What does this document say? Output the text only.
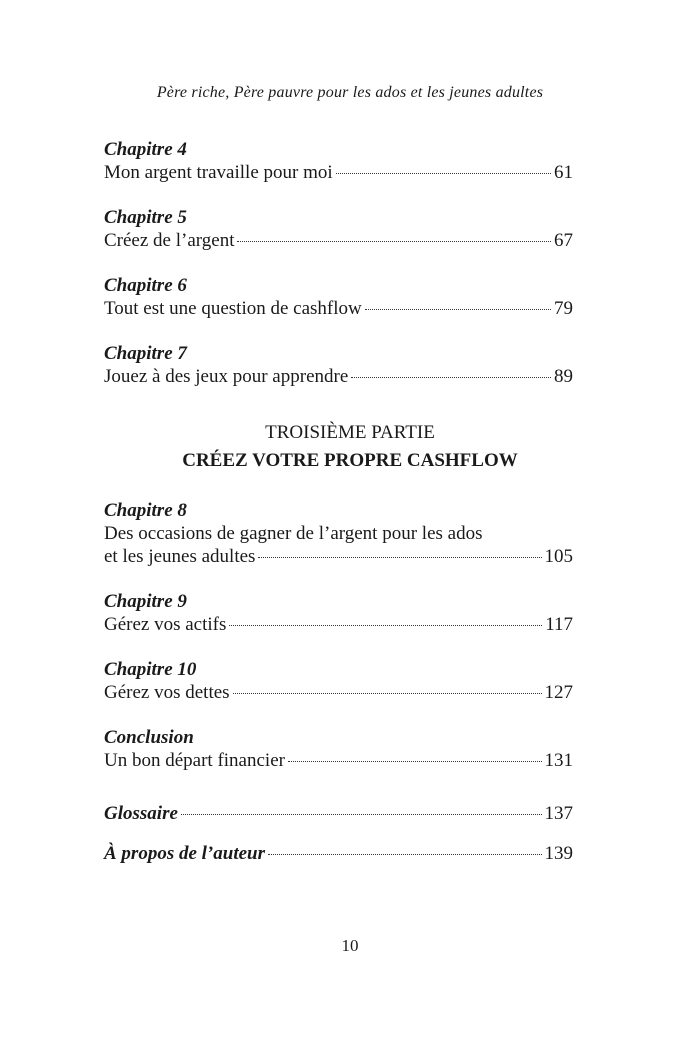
Père riche, Père pauvre pour les ados et les jeunes adultes
Chapitre 4
Mon argent travaille pour moi	61
Chapitre 5
Créez de l’argent	67
Chapitre 6
Tout est une question de cashflow	79
Chapitre 7
Jouez à des jeux pour apprendre	89
TROISIÈME PARTIE
CRÉEZ VOTRE PROPRE CASHFLOW
Chapitre 8
Des occasions de gagner de l’argent pour les ados
et les jeunes adultes	105
Chapitre 9
Gérez vos actifs	117
Chapitre 10
Gérez vos dettes	127
Conclusion
Un bon départ financier	131
Glossaire	137
À propos de l’auteur	139
10
